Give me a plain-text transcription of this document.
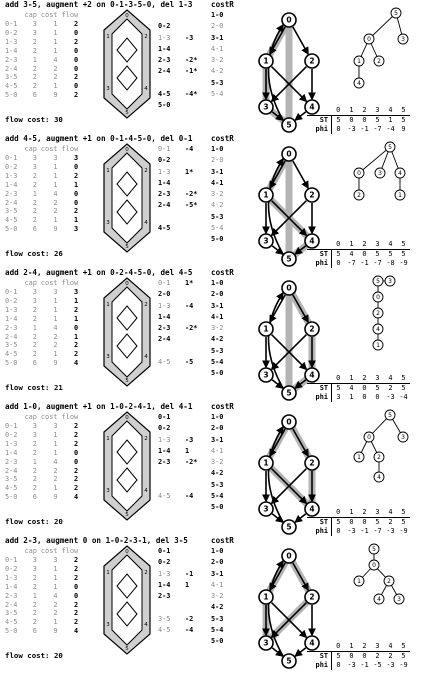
add 3-5, augment +2 on 0-1-3-5-0, del 1-3
	cap	cost	flow
0-1	3	1	2
0-2	3	1	0
1-3	2	1	2
1-4	2	1	0
2-3	1	4	0
2-4	2	2	0
3-5	2	2	2
4-5	2	1	0
5-0	6	9	2
flow cost: 30
0
1	2
3	4
5
costR
		1-0
0-2		2-0
1-3	-3	3-1
1-4		4-1
2-3	-2*	3-2
2-4	-1*	4-2
		5-3
4-5	-4*	5-4
5-0		
0
1	2
3	4
5
0
1	2
3
4
5
	0	1	2	3	4	5
ST	5	0	0	5	1	5
phi	0	-3	-1	-7	-4	9
add 4-5, augment +1 on 0-1-4-5-0, del 0-1
	cap	cost	flow
0-1	3	3	3
0-2	3	1	0
1-3	2	1	2
1-4	2	1	1
2-3	1	4	0
2-4	2	2	0
3-5	2	2	2
4-5	2	1	1
5-0	6	9	3
flow cost: 26
0
1	2
3	4
5
costR
0-1	-4	1-0
0-2		2-0
1-3	1*	3-1
1-4		4-1
2-3	-2*	3-2
2-4	-5*	4-2
		5-3
4-5		5-4
		5-0
0
1	2
3	4
5
0
1
2
3	4
5
	0	1	2	3	4	5
ST	5	4	0	5	5	5
phi	0	-7	-1	-7	-8	-9
add 2-4, augment +1 on 0-2-4-5-0, del 4-5
	cap	cost	flow
0-1	3	3	3
0-2	3	1	1
1-3	2	1	2
1-4	2	1	1
2-3	1	4	0
2-4	2	2	1
3-5	2	2	2
4-5	2	1	2
5-0	6	9	4
flow cost: 21
0
1	2
3	4
5
costR
0-1	1*	1-0
2-0		2-0
1-3	-4	3-1
1-4		4-1
2-3	-2*	3-2
2-4		4-2
		5-3
4-5	-5	5-4
		5-0
0
1	2
3	4
5
0
1
2
3
4
5
	0	1	2	3	4	5
ST	5	4	0	5	2	5
phi	3	1	0	0	-3	-4
add 1-0, augment +1 on 1-0-2-4-1, del 4-1
	cap	cost	flow
0-1	3	3	2
0-2	3	1	2
1-3	2	1	2
1-4	2	1	0
2-3	1	4	0
2-4	2	2	2
3-5	2	2	2
4-5	2	1	2
5-0	6	9	4
flow cost: 20
0
1	2
3	4
5
costR
0-1		1-0
0-2		2-0
1-3	-3	3-1
1-4	1	4-1
2-3	-2*	3-2
		4-2
		5-3
4-5	-4	5-4
		5-0
0
1	2
3	4
5
0
1	2
3
4
5
	0	1	2	3	4	5
ST	5	0	0	5	2	5
phi	0	-3	-1	-7	-3	-9
add 2-3, augment 0 on 1-0-2-3-1, del 3-5
	cap	cost	flow
0-1	3	3	2
0-2	3	1	2
1-3	2	1	2
1-4	2	1	0
2-3	1	4	0
2-4	2	2	2
3-5	2	2	2
4-5	2	1	2
5-0	6	9	4
flow cost: 20
0
1	2
3	4
5
costR
0-1		1-0
0-2		2-0
1-3	-1	3-1
1-4	1	4-1
2-3		3-2
		4-2
3-5	-2	5-3
4-5	-4	5-4
		5-0
0
1	2
3	4
5
0
1	2
3
4
5
	0	1	2	3	4	5
ST	5	0	0	2	2	5
phi	0	-3	-1	-5	-3	-9
